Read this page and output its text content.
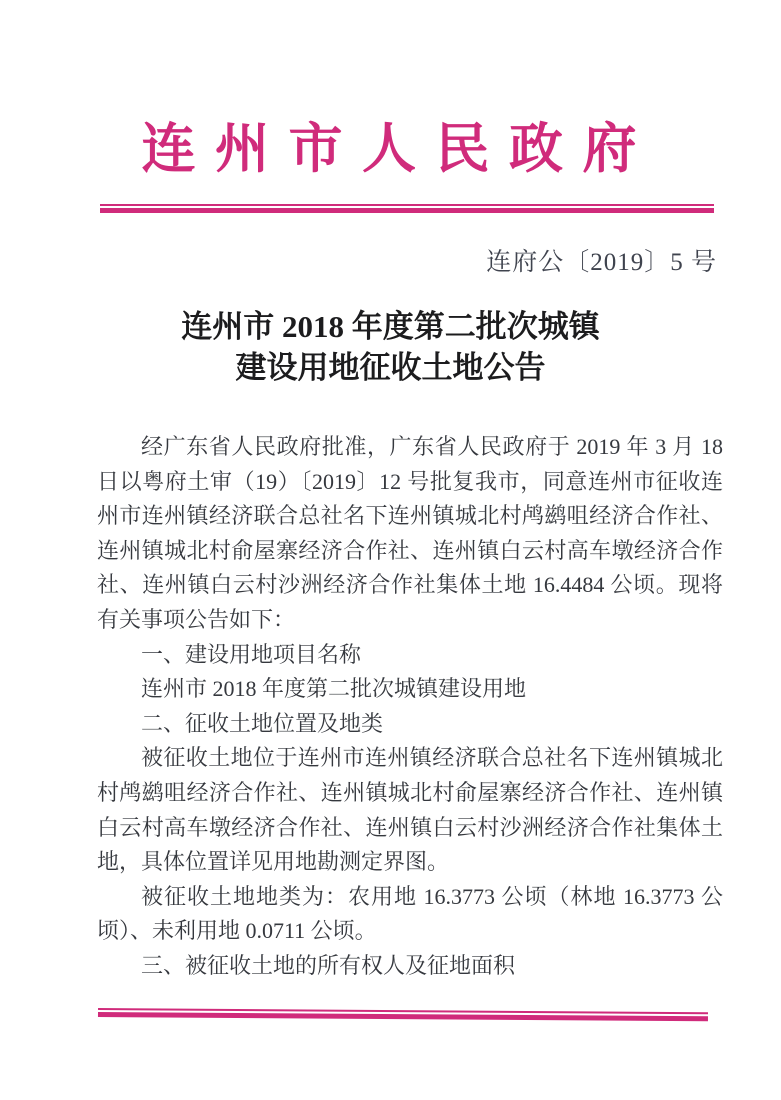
连 州 市 人 民 政 府
连府公〔2019〕5 号
连州市 2018 年度第二批次城镇
建设用地征收土地公告

经广东省人民政府批准，广东省人民政府于 2019 年 3 月 18 日以粤府土审（19）〔2019〕12 号批复我市，同意连州市征收连州市连州镇经济联合总社名下连州镇城北村鸬鹚咀经济合作社、连州镇城北村俞屋寨经济合作社、连州镇白云村高车墩经济合作社、连州镇白云村沙洲经济合作社集体土地 16.4484 公顷。现将有关事项公告如下：

一、建设用地项目名称

连州市 2018 年度第二批次城镇建设用地

二、征收土地位置及地类

被征收土地位于连州市连州镇经济联合总社名下连州镇城北村鸬鹚咀经济合作社、连州镇城北村俞屋寨经济合作社、连州镇白云村高车墩经济合作社、连州镇白云村沙洲经济合作社集体土地，具体位置详见用地勘测定界图。

被征收土地地类为：农用地 16.3773 公顷（林地 16.3773 公顷）、未利用地 0.0711 公顷。

三、被征收土地的所有权人及征地面积
